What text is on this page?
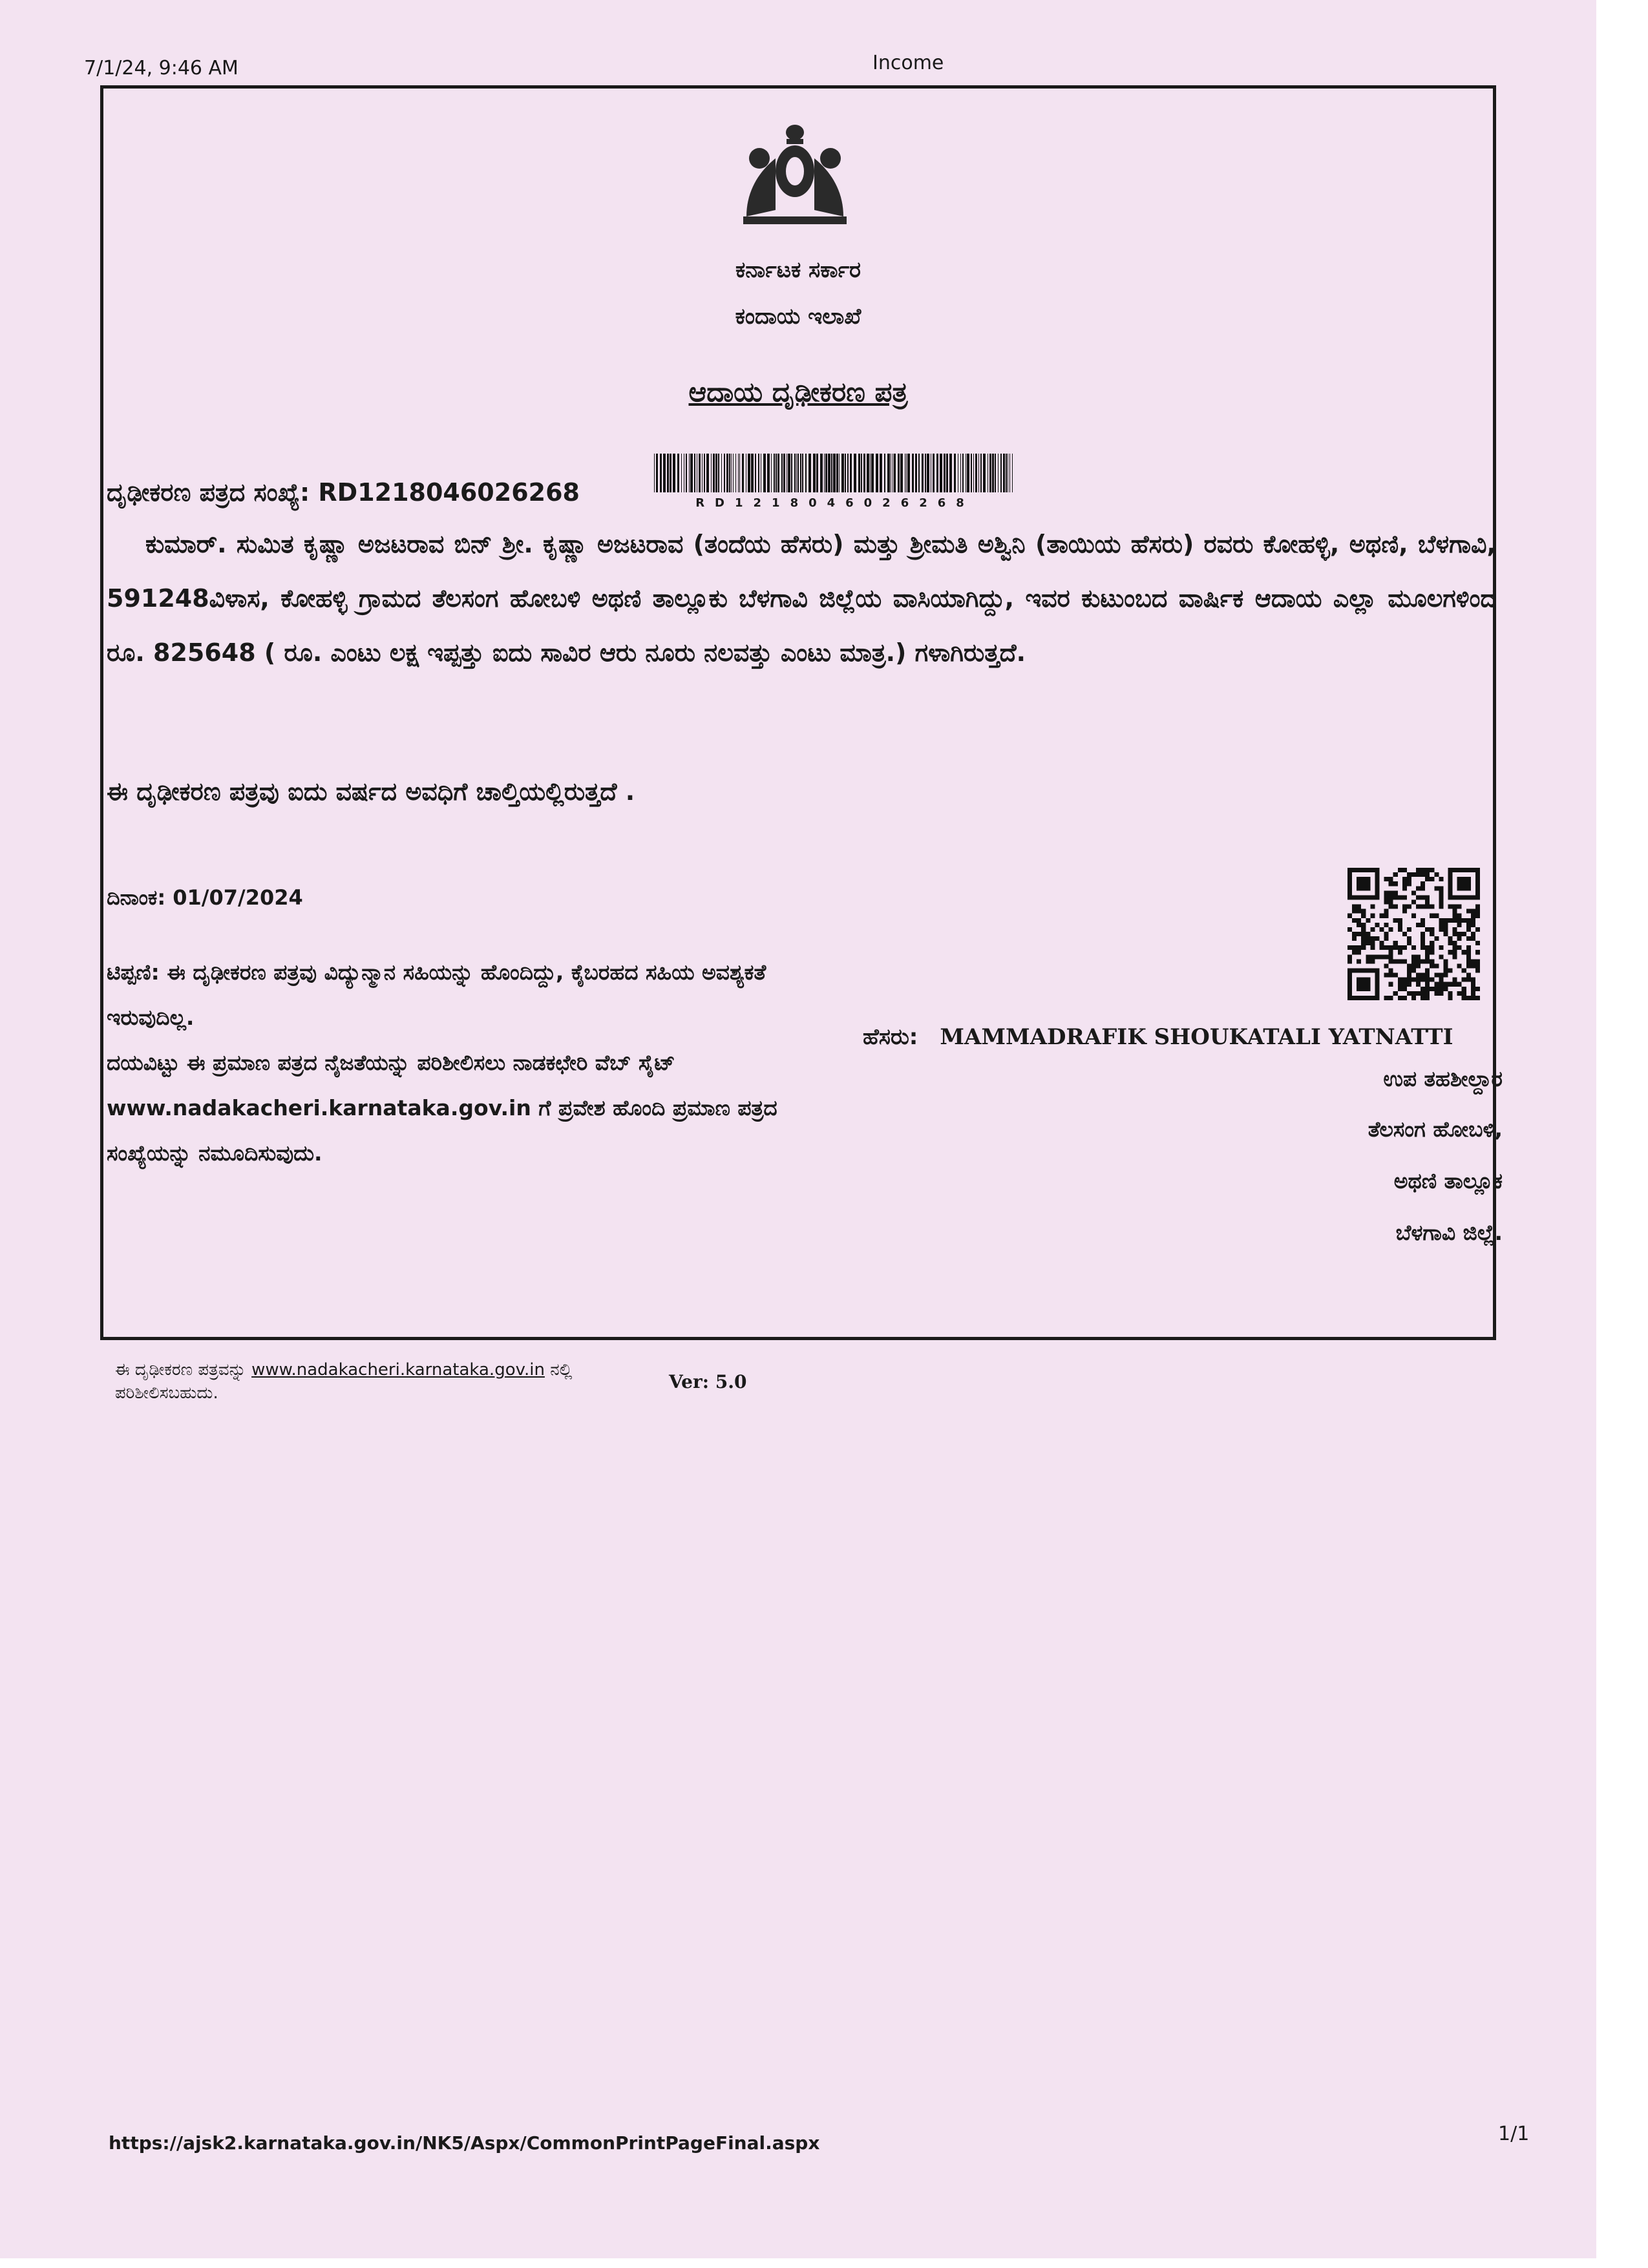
7/1/24, 9:46 AM	Income
ಕರ್ನಾಟಕ ಸರ್ಕಾರ
ಕಂದಾಯ ಇಲಾಖೆ
ಆದಾಯ ದೃಢೀಕರಣ ಪತ್ರ
ದೃಢೀಕರಣ ಪತ್ರದ ಸಂಖ್ಯೆ: RD1218046026268	RD1218046026268
ಕುಮಾರ್. ಸುಮಿತ ಕೃಷ್ಣಾ ಅಜಟರಾವ ಬಿನ್ ಶ್ರೀ. ಕೃಷ್ಣಾ ಅಜಟರಾವ (ತಂದೆಯ ಹೆಸರು) ಮತ್ತು ಶ್ರೀಮತಿ ಅಶ್ವಿನಿ (ತಾಯಿಯ ಹೆಸರು) ರವರು ಕೋಹಳ್ಳಿ, ಅಥಣಿ, ಬೆಳಗಾವಿ, 591248ವಿಳಾಸ, ಕೋಹಳ್ಳಿ ಗ್ರಾಮದ ತೆಲಸಂಗ ಹೋಬಳಿ ಅಥಣಿ ತಾಲ್ಲೂಕು ಬೆಳಗಾವಿ ಜಿಲ್ಲೆಯ ವಾಸಿಯಾಗಿದ್ದು, ಇವರ ಕುಟುಂಬದ ವಾರ್ಷಿಕ ಆದಾಯ ಎಲ್ಲಾ ಮೂಲಗಳಿಂದ ರೂ. 825648 ( ರೂ. ಎಂಟು ಲಕ್ಷ ಇಪ್ಪತ್ತು ಐದು ಸಾವಿರ ಆರು ನೂರು ನಲವತ್ತು ಎಂಟು ಮಾತ್ರ.) ಗಳಾಗಿರುತ್ತದೆ.
ಈ ದೃಢೀಕರಣ ಪತ್ರವು ಐದು ವರ್ಷದ ಅವಧಿಗೆ ಚಾಲ್ತಿಯಲ್ಲಿರುತ್ತದೆ .
ದಿನಾಂಕ: 01/07/2024
ಟಿಪ್ಪಣಿ: ಈ ದೃಢೀಕರಣ ಪತ್ರವು ವಿದ್ಯುನ್ಮಾನ ಸಹಿಯನ್ನು ಹೊಂದಿದ್ದು, ಕೈಬರಹದ ಸಹಿಯ ಅವಶ್ಯಕತೆ ಇರುವುದಿಲ್ಲ.
ದಯವಿಟ್ಟು ಈ ಪ್ರಮಾಣ ಪತ್ರದ ನೈಜತೆಯನ್ನು ಪರಿಶೀಲಿಸಲು ನಾಡಕಛೇರಿ ವೆಬ್ ಸೈಟ್ www.nadakacheri.karnataka.gov.in ಗೆ ಪ್ರವೇಶ ಹೊಂದಿ ಪ್ರಮಾಣ ಪತ್ರದ ಸಂಖ್ಯೆಯನ್ನು ನಮೂದಿಸುವುದು.
ಹೆಸರು: MAMMADRAFIK SHOUKATALI YATNATTI
ಉಪ ತಹಶೀಲ್ದಾರ
ತೆಲಸಂಗ ಹೋಬಳಿ,
ಅಥಣಿ ತಾಲ್ಲೂಕ
ಬೆಳಗಾವಿ ಜಿಲ್ಲೆ.
ಈ ದೃಢೀಕರಣ ಪತ್ರವನ್ನು www.nadakacheri.karnataka.gov.in ನಲ್ಲಿ
ಪರಿಶೀಲಿಸಬಹುದು.
Ver: 5.0
https://ajsk2.karnataka.gov.in/NK5/Aspx/CommonPrintPageFinal.aspx	1/1
